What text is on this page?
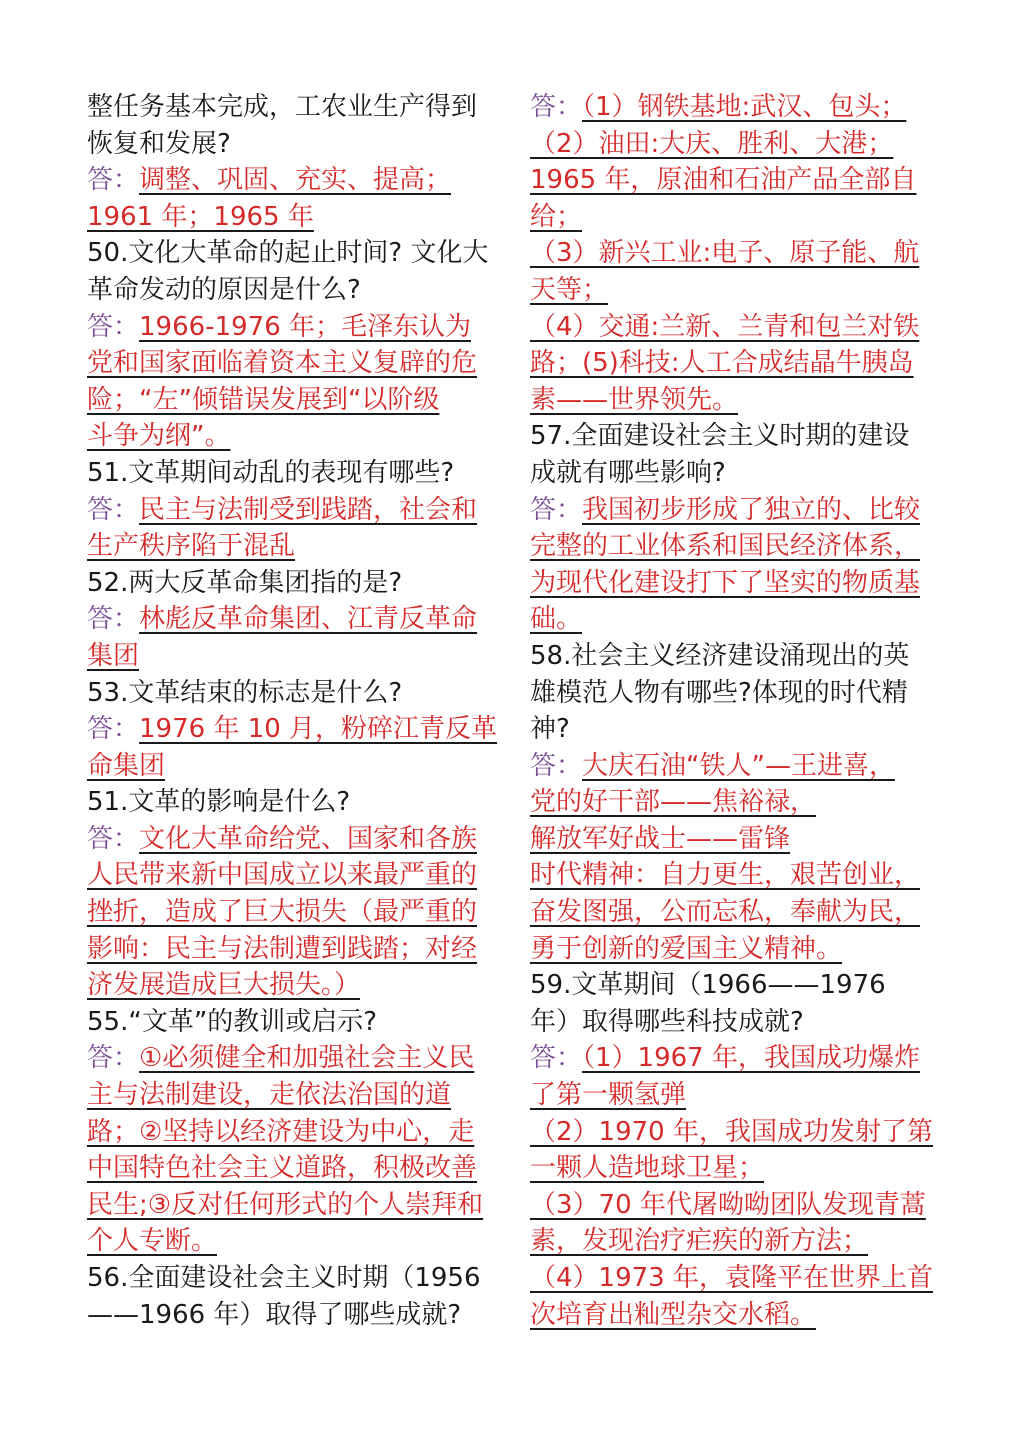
整任务基本完成，工农业生产得到
恢复和发展?
答：调整、巩固、充实、提高；
1961 年；1965 年
50.文化大革命的起止时间? 文化大
革命发动的原因是什么?
答：1966-1976 年；毛泽东认为
党和国家面临着资本主义复辟的危
险；“左”倾错误发展到“以阶级
斗争为纲”。
51.文革期间动乱的表现有哪些?
答：民主与法制受到践踏，社会和
生产秩序陷于混乱
52.两大反革命集团指的是?
答：林彪反革命集团、江青反革命
集团
53.文革结束的标志是什么?
答：1976 年 10 月，粉碎江青反革
命集团
51.文革的影响是什么?
答：文化大革命给党、国家和各族
人民带来新中国成立以来最严重的
挫折，造成了巨大损失（最严重的
影响：民主与法制遭到践踏；对经
济发展造成巨大损失。）
55.“文革”的教训或启示?
答：①必须健全和加强社会主义民
主与法制建设，走依法治国的道
路；②坚持以经济建设为中心，走
中国特色社会主义道路，积极改善
民生;③反对任何形式的个人崇拜和
个人专断。
56.全面建设社会主义时期（1956
——1966 年）取得了哪些成就?
答：（1）钢铁基地:武汉、包头；
（2）油田:大庆、胜利、大港；
1965 年，原油和石油产品全部自
给；
（3）新兴工业:电子、原子能、航
天等；
（4）交通:兰新、兰青和包兰对铁
路；(5)科技:人工合成结晶牛胰岛
素——世界领先。
57.全面建设社会主义时期的建设
成就有哪些影响?
答：我国初步形成了独立的、比较
完整的工业体系和国民经济体系，
为现代化建设打下了坚实的物质基
础。
58.社会主义经济建设涌现出的英
雄模范人物有哪些?体现的时代精
神?
答：大庆石油“铁人”—王进喜，
党的好干部——焦裕禄，
解放军好战士——雷锋
时代精神：自力更生，艰苦创业，
奋发图强，公而忘私，奉献为民，
勇于创新的爱国主义精神。
59.文革期间（1966——1976
年）取得哪些科技成就?
答：（1）1967 年，我国成功爆炸
了第一颗氢弹
（2）1970 年，我国成功发射了第
一颗人造地球卫星；
（3）70 年代屠呦呦团队发现青蒿
素，发现治疗疟疾的新方法；
（4）1973 年，袁隆平在世界上首
次培育出籼型杂交水稻。
